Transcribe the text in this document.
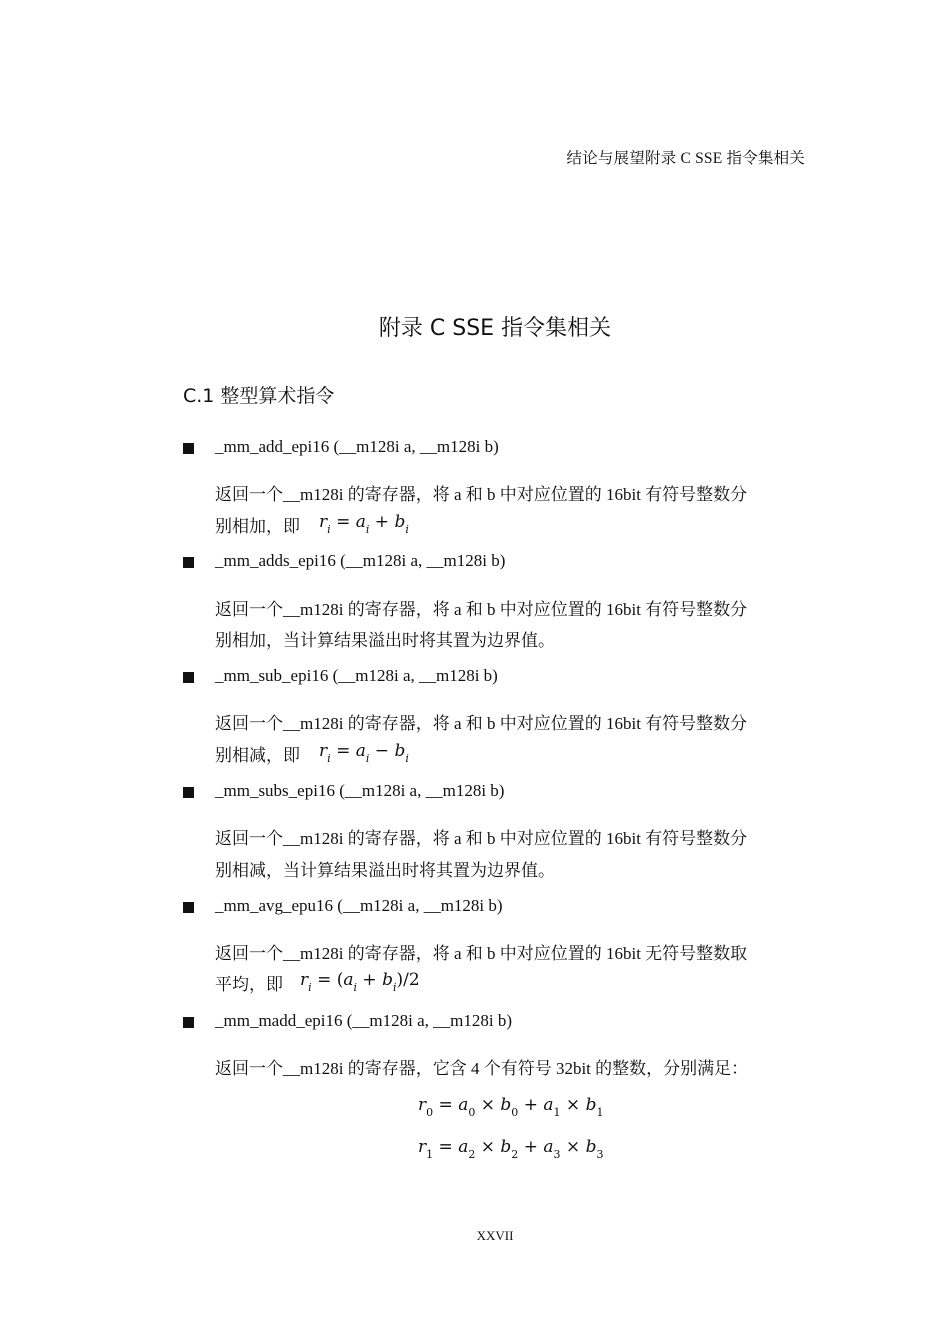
结论与展望附录 C SSE 指令集相关
附录 C SSE 指令集相关
C.1 整型算术指令
_mm_add_epi16 (__m128i a, __m128i b)
返回一个__m128i 的寄存器，将 a 和 b 中对应位置的 16bit 有符号整数分
别相加，即 $r_i = a_i + b_i$
_mm_adds_epi16 (__m128i a, __m128i b)
返回一个__m128i 的寄存器，将 a 和 b 中对应位置的 16bit 有符号整数分
别相加，当计算结果溢出时将其置为边界值。
_mm_sub_epi16 (__m128i a, __m128i b)
返回一个__m128i 的寄存器，将 a 和 b 中对应位置的 16bit 有符号整数分
别相减，即 $r_i = a_i - b_i$
_mm_subs_epi16 (__m128i a, __m128i b)
返回一个__m128i 的寄存器，将 a 和 b 中对应位置的 16bit 有符号整数分
别相减，当计算结果溢出时将其置为边界值。
_mm_avg_epu16 (__m128i a, __m128i b)
返回一个__m128i 的寄存器，将 a 和 b 中对应位置的 16bit 无符号整数取
平均，即 $r_i = (a_i + b_i)/2$
_mm_madd_epi16 (__m128i a, __m128i b)
返回一个__m128i 的寄存器，它含 4 个有符号 32bit 的整数，分别满足：
$r_0 = a_0 \times b_0 + a_1 \times b_1$
$r_1 = a_2 \times b_2 + a_3 \times b_3$
XXVII
